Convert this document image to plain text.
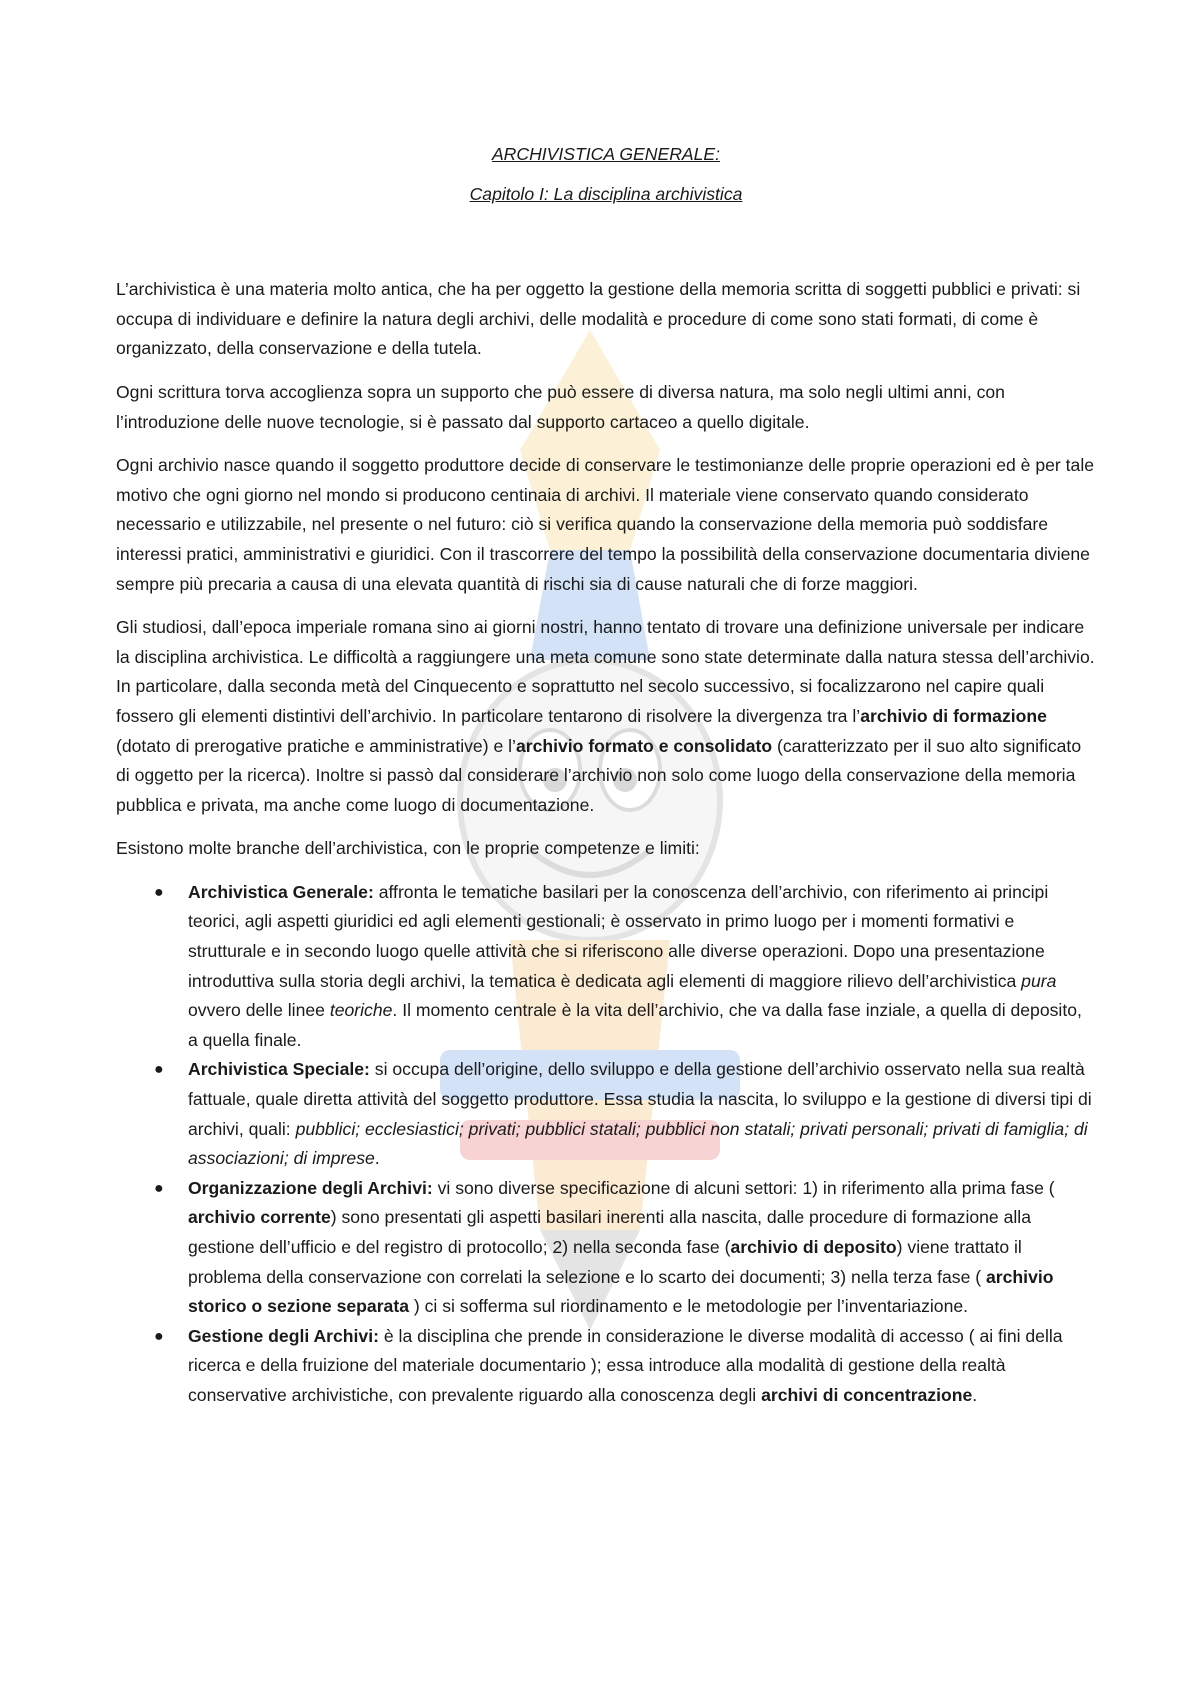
ARCHIVISTICA GENERALE:

Capitolo I: La disciplina archivistica

L’archivistica è una materia molto antica, che ha per oggetto la gestione della memoria scritta di soggetti pubblici e privati: si occupa di individuare e definire la natura degli archivi, delle modalità e procedure di come sono stati formati, di come è organizzato, della conservazione e della tutela.

Ogni scrittura torva accoglienza sopra un supporto che può essere di diversa natura, ma solo negli ultimi anni, con l’introduzione delle nuove tecnologie, si è passato dal supporto cartaceo a quello digitale.

Ogni archivio nasce quando il soggetto produttore decide di conservare le testimonianze delle proprie operazioni ed è per tale motivo che ogni giorno nel mondo si producono centinaia di archivi. Il materiale viene conservato quando considerato necessario e utilizzabile, nel presente o nel futuro: ciò si verifica quando la conservazione della memoria può soddisfare interessi pratici, amministrativi e giuridici. Con il trascorrere del tempo la possibilità della conservazione documentaria diviene sempre più precaria a causa di una elevata quantità di rischi sia di cause naturali che di forze maggiori.

Gli studiosi, dall’epoca imperiale romana sino ai giorni nostri, hanno tentato di trovare una definizione universale per indicare la disciplina archivistica. Le difficoltà a raggiungere una meta comune sono state determinate dalla natura stessa dell’archivio. In particolare, dalla seconda metà del Cinquecento e soprattutto nel secolo successivo, si focalizzarono nel capire quali fossero gli elementi distintivi dell’archivio. In particolare tentarono di risolvere la divergenza tra l’archivio di formazione (dotato di prerogative pratiche e amministrative) e l’archivio formato e consolidato (caratterizzato per il suo alto significato di oggetto per la ricerca). Inoltre si passò dal considerare l’archivio non solo come luogo della conservazione della memoria pubblica e privata, ma anche come luogo di documentazione.

Esistono molte branche dell’archivistica, con le proprie competenze e limiti:

● Archivistica Generale: affronta le tematiche basilari per la conoscenza dell’archivio, con riferimento ai principi teorici, agli aspetti giuridici ed agli elementi gestionali; è osservato in primo luogo per i momenti formativi e strutturale e in secondo luogo quelle attività che si riferiscono alle diverse operazioni. Dopo una presentazione introduttiva sulla storia degli archivi, la tematica è dedicata agli elementi di maggiore rilievo dell’archivistica pura ovvero delle linee teoriche. Il momento centrale è la vita dell’archivio, che va dalla fase inziale, a quella di deposito, a quella finale.
● Archivistica Speciale: si occupa dell’origine, dello sviluppo e della gestione dell’archivio osservato nella sua realtà fattuale, quale diretta attività del soggetto produttore. Essa studia la nascita, lo sviluppo e la gestione di diversi tipi di archivi, quali: pubblici; ecclesiastici; privati; pubblici statali; pubblici non statali; privati personali; privati di famiglia; di associazioni; di imprese.
● Organizzazione degli Archivi: vi sono diverse specificazione di alcuni settori: 1) in riferimento alla prima fase ( archivio corrente) sono presentati gli aspetti basilari inerenti alla nascita, dalle procedure di formazione alla gestione dell’ufficio e del registro di protocollo; 2) nella seconda fase (archivio di deposito) viene trattato il problema della conservazione con correlati la selezione e lo scarto dei documenti; 3) nella terza fase ( archivio storico o sezione separata ) ci si sofferma sul riordinamento e le metodologie per l’inventariazione.
● Gestione degli Archivi: è la disciplina che prende in considerazione le diverse modalità di accesso ( ai fini della ricerca e della fruizione del materiale documentario ); essa introduce alla modalità di gestione della realtà conservative archivistiche, con prevalente riguardo alla conoscenza degli archivi di concentrazione.
